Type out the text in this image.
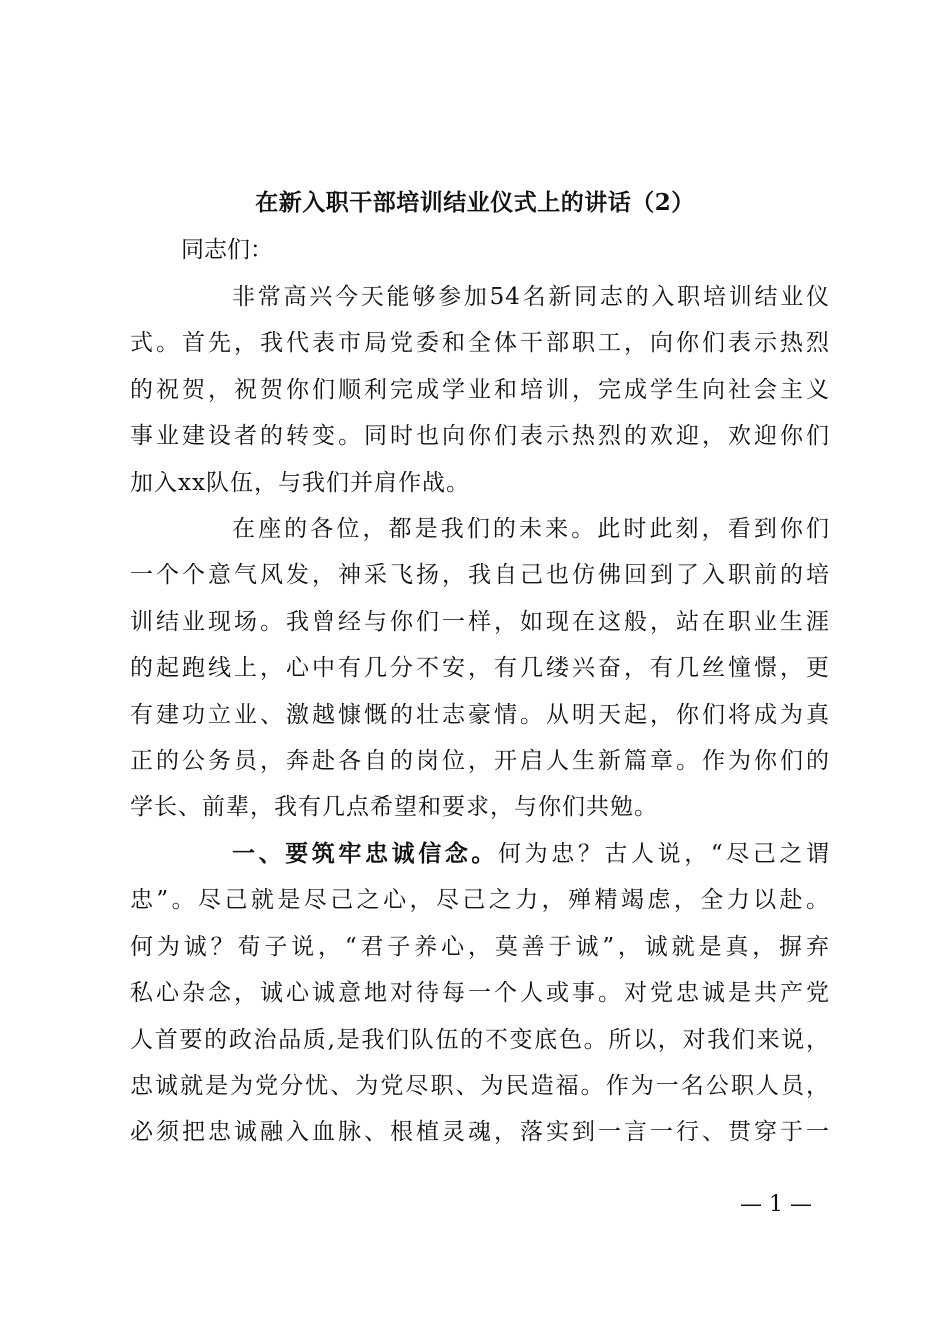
在新入职干部培训结业仪式上的讲话（2）

同志们：

非常高兴今天能够参加54名新同志的入职培训结业仪
式。首先，我代表市局党委和全体干部职工，向你们表示热烈
的祝贺，祝贺你们顺利完成学业和培训，完成学生向社会主义
事业建设者的转变。同时也向你们表示热烈的欢迎，欢迎你们
加入xx队伍，与我们并肩作战。
在座的各位，都是我们的未来。此时此刻，看到你们
一个个意气风发，神采飞扬，我自己也仿佛回到了入职前的培
训结业现场。我曾经与你们一样，如现在这般，站在职业生涯
的起跑线上，心中有几分不安，有几缕兴奋，有几丝憧憬，更
有建功立业、激越慷慨的壮志豪情。从明天起，你们将成为真
正的公务员，奔赴各自的岗位，开启人生新篇章。作为你们的
学长、前辈，我有几点希望和要求，与你们共勉。
一、要筑牢忠诚信念。何为忠？古人说，“尽己之谓
忠”。尽己就是尽己之心，尽己之力，殚精竭虑，全力以赴。
何为诚？荀子说，“君子养心，莫善于诚”，诚就是真，摒弃
私心杂念，诚心诚意地对待每一个人或事。对党忠诚是共产党
人首要的政治品质,是我们队伍的不变底色。所以，对我们来说，
忠诚就是为党分忧、为党尽职、为民造福。作为一名公职人员，
必须把忠诚融入血脉、根植灵魂，落实到一言一行、贯穿于一
— 1 —
